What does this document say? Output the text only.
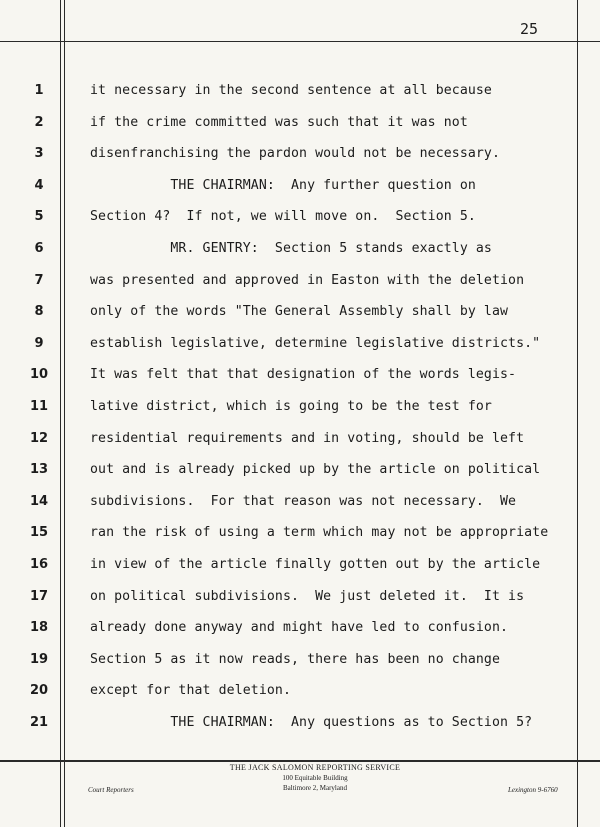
25
1
2
3
4
5
6
7
8
9
10
11
12
13
14
15
16
17
18
19
20
21
it necessary in the second sentence at all because
if the crime committed was such that it was not
disenfranchising the pardon would not be necessary.
THE CHAIRMAN:  Any further question on
Section 4?  If not, we will move on.  Section 5.
MR. GENTRY:  Section 5 stands exactly as
was presented and approved in Easton with the deletion
only of the words "The General Assembly shall by law
establish legislative, determine legislative districts."
It was felt that that designation of the words legis-
lative district, which is going to be the test for
residential requirements and in voting, should be left
out and is already picked up by the article on political
subdivisions.  For that reason was not necessary.  We
ran the risk of using a term which may not be appropriate
in view of the article finally gotten out by the article
on political subdivisions.  We just deleted it.  It is
already done anyway and might have led to confusion.
Section 5 as it now reads, there has been no change
except for that deletion.
THE CHAIRMAN:  Any questions as to Section 5?
THE JACK SALOMON REPORTING SERVICE
100 Equitable Building
Baltimore 2, Maryland
Court Reporters	Lexington 9-6760
